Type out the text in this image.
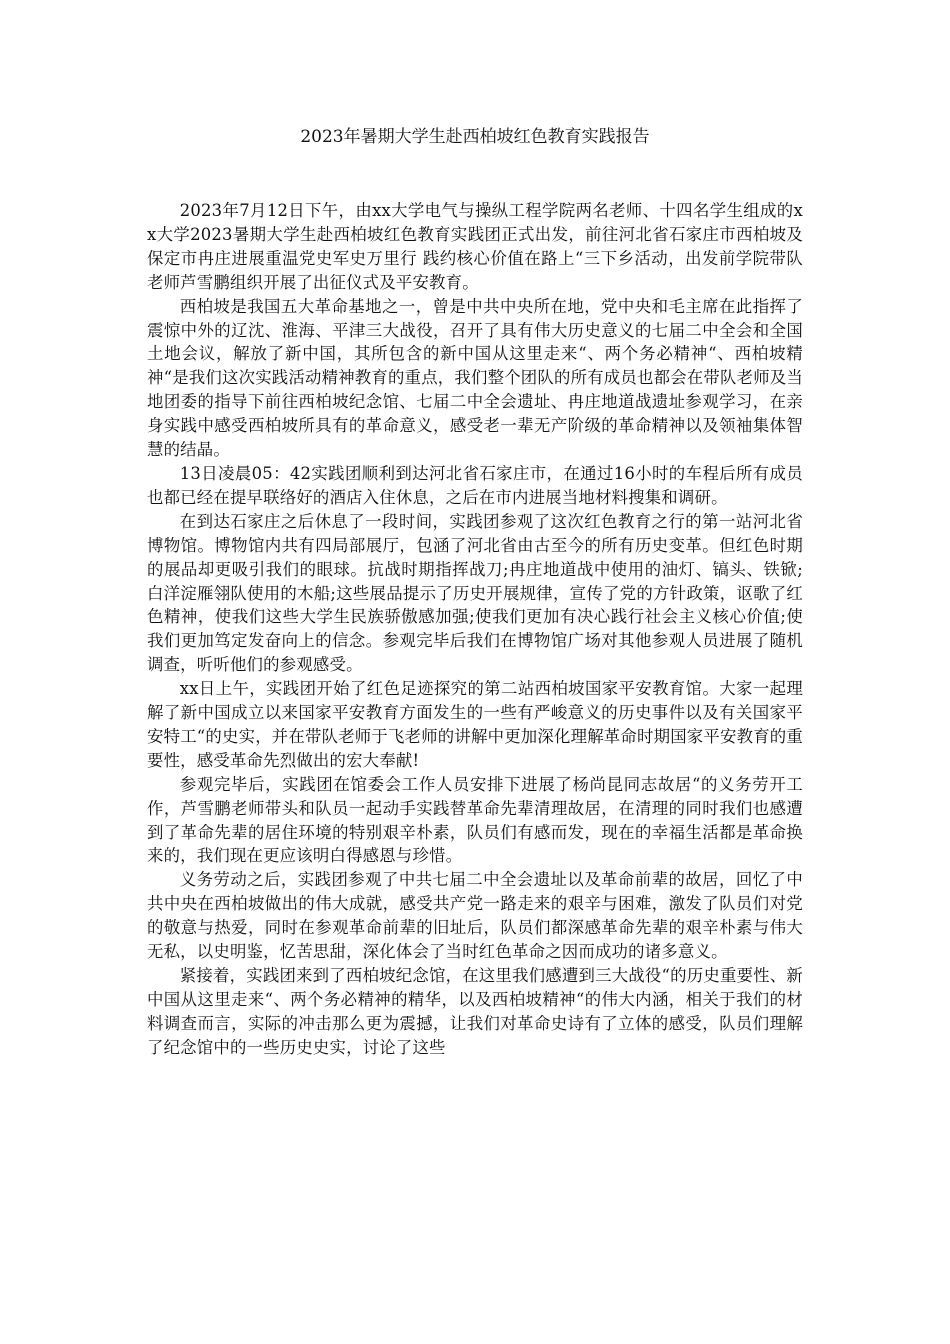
2023年暑期大学生赴西柏坡红色教育实践报告

2023年7月12日下午，由xx大学电气与操纵工程学院两名老师、十四名学生组成的xx大学2023暑期大学生赴西柏坡红色教育实践团正式出发，前往河北省石家庄市西柏坡及保定市冉庄进展重温党史军史万里行 践约核心价值在路上“三下乡活动，出发前学院带队老师芦雪鹏组织开展了出征仪式及平安教育。

西柏坡是我国五大革命基地之一，曾是中共中央所在地，党中央和毛主席在此指挥了震惊中外的辽沈、淮海、平津三大战役，召开了具有伟大历史意义的七届二中全会和全国土地会议，解放了新中国，其所包含的新中国从这里走来“、两个务必精神“、西柏坡精神“是我们这次实践活动精神教育的重点，我们整个团队的所有成员也都会在带队老师及当地团委的指导下前往西柏坡纪念馆、七届二中全会遗址、冉庄地道战遗址参观学习，在亲身实践中感受西柏坡所具有的革命意义，感受老一辈无产阶级的革命精神以及领袖集体智慧的结晶。

13日凌晨05：42实践团顺利到达河北省石家庄市，在通过16小时的车程后所有成员也都已经在提早联络好的酒店入住休息，之后在市内进展当地材料搜集和调研。

在到达石家庄之后休息了一段时间，实践团参观了这次红色教育之行的第一站河北省博物馆。博物馆内共有四局部展厅，包涵了河北省由古至今的所有历史变革。但红色时期的展品却更吸引我们的眼球。抗战时期指挥战刀;冉庄地道战中使用的油灯、镐头、铁锨;白洋淀雁翎队使用的木船;这些展品提示了历史开展规律，宣传了党的方针政策，讴歌了红色精神，使我们这些大学生民族骄傲感加强;使我们更加有决心践行社会主义核心价值;使我们更加笃定发奋向上的信念。参观完毕后我们在博物馆广场对其他参观人员进展了随机调查，听听他们的参观感受。

xx日上午，实践团开始了红色足迹探究的第二站西柏坡国家平安教育馆。大家一起理解了新中国成立以来国家平安教育方面发生的一些有严峻意义的历史事件以及有关国家平安特工“的史实，并在带队老师于飞老师的讲解中更加深化理解革命时期国家平安教育的重要性，感受革命先烈做出的宏大奉献!

参观完毕后，实践团在馆委会工作人员安排下进展了杨尚昆同志故居“的义务劳开工作，芦雪鹏老师带头和队员一起动手实践替革命先辈清理故居，在清理的同时我们也感遭到了革命先辈的居住环境的特别艰辛朴素，队员们有感而发，现在的幸福生活都是革命换来的，我们现在更应该明白得感恩与珍惜。

义务劳动之后，实践团参观了中共七届二中全会遗址以及革命前辈的故居，回忆了中共中央在西柏坡做出的伟大成就，感受共产党一路走来的艰辛与困难，激发了队员们对党的敬意与热爱，同时在参观革命前辈的旧址后，队员们都深感革命先辈的艰辛朴素与伟大无私，以史明鉴，忆苦思甜，深化体会了当时红色革命之因而成功的诸多意义。

紧接着，实践团来到了西柏坡纪念馆，在这里我们感遭到三大战役“的历史重要性、新中国从这里走来“、两个务必精神的精华，以及西柏坡精神“的伟大内涵，相关于我们的材料调查而言，实际的冲击那么更为震撼，让我们对革命史诗有了立体的感受，队员们理解了纪念馆中的一些历史史实，讨论了这些
